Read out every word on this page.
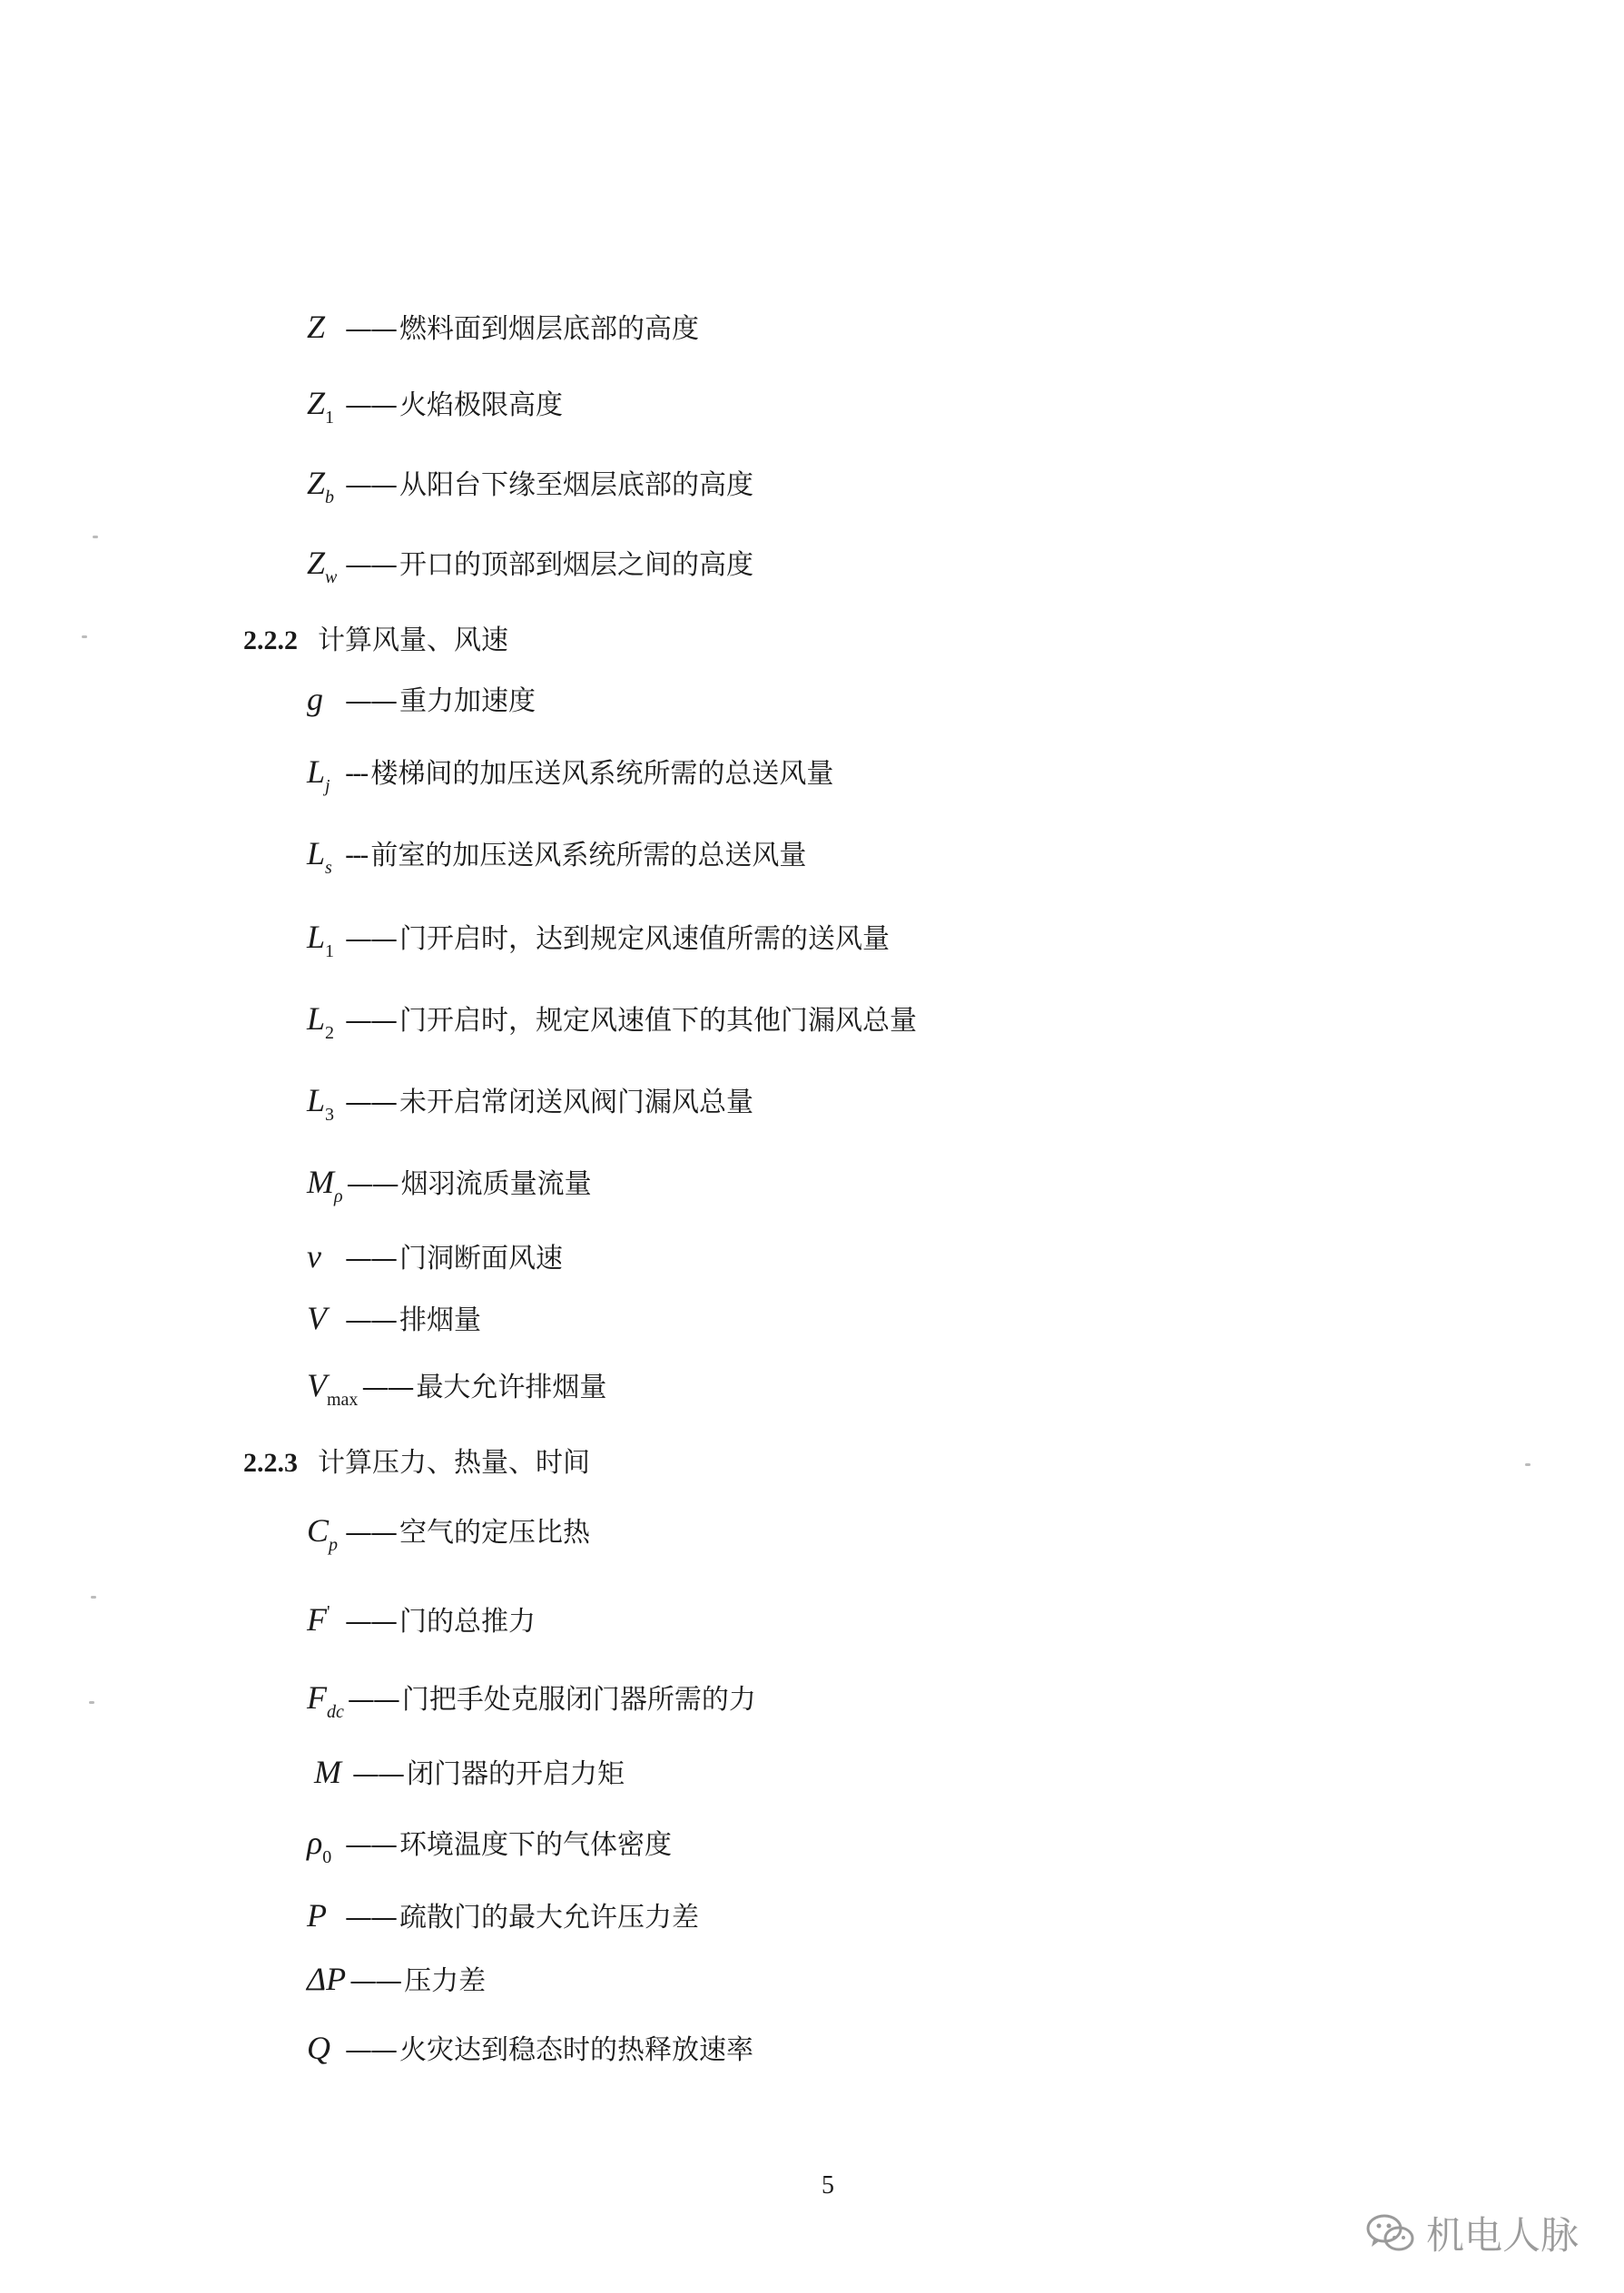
Z —— 燃料面到烟层底部的高度
$Z_1$ —— 火焰极限高度
$Z_b$ —— 从阳台下缘至烟层底部的高度
$Z_w$ —— 开口的顶部到烟层之间的高度
2.2.2 计算风量、风速
g —— 重力加速度
$L_j$ --- 楼梯间的加压送风系统所需的总送风量
$L_s$ --- 前室的加压送风系统所需的总送风量
$L_1$ —— 门开启时，达到规定风速值所需的送风量
$L_2$ —— 门开启时，规定风速值下的其他门漏风总量
$L_3$ —— 未开启常闭送风阀门漏风总量
$M_\rho$ —— 烟羽流质量流量
v —— 门洞断面风速
V —— 排烟量
$V_{max}$ —— 最大允许排烟量
2.2.3 计算压力、热量、时间
$C_p$ —— 空气的定压比热
F' —— 门的总推力
$F_{dc}$ —— 门把手处克服闭门器所需的力
M —— 闭门器的开启力矩
$\rho_0$ —— 环境温度下的气体密度
P —— 疏散门的最大允许压力差
ΔP —— 压力差
Q —— 火灾达到稳态时的热释放速率
5
机电人脉
